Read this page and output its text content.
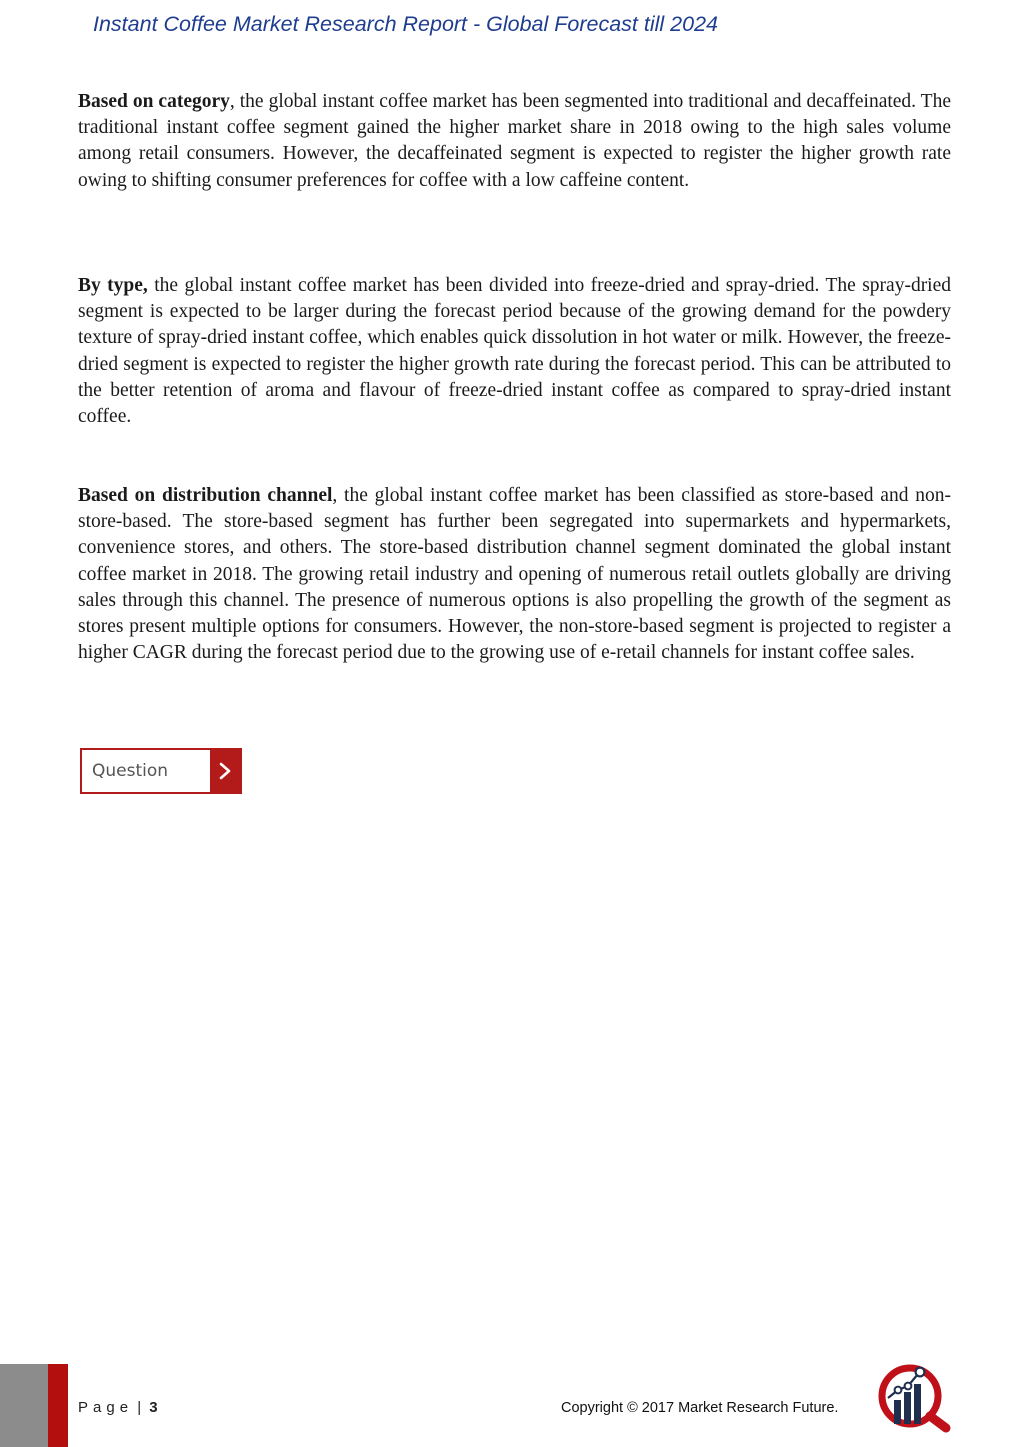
Instant Coffee Market Research Report - Global Forecast till 2024

Based on category, the global instant coffee market has been segmented into traditional and decaffeinated. The traditional instant coffee segment gained the higher market share in 2018 owing to the high sales volume among retail consumers. However, the decaffeinated segment is expected to register the higher growth rate owing to shifting consumer preferences for coffee with a low caffeine content.

By type, the global instant coffee market has been divided into freeze-dried and spray-dried. The spray-dried segment is expected to be larger during the forecast period because of the growing demand for the powdery texture of spray-dried instant coffee, which enables quick dissolution in hot water or milk. However, the freeze-dried segment is expected to register the higher growth rate during the forecast period. This can be attributed to the better retention of aroma and flavour of freeze-dried instant coffee as compared to spray-dried instant coffee.

Based on distribution channel, the global instant coffee market has been classified as store-based and non-store-based. The store-based segment has further been segregated into supermarkets and hypermarkets, convenience stores, and others. The store-based distribution channel segment dominated the global instant coffee market in 2018. The growing retail industry and opening of numerous retail outlets globally are driving sales through this channel. The presence of numerous options is also propelling the growth of the segment as stores present multiple options for consumers. However, the non-store-based segment is projected to register a higher CAGR during the forecast period due to the growing use of e-retail channels for instant coffee sales.

Question
Page | 3	Copyright © 2017 Market Research Future.
